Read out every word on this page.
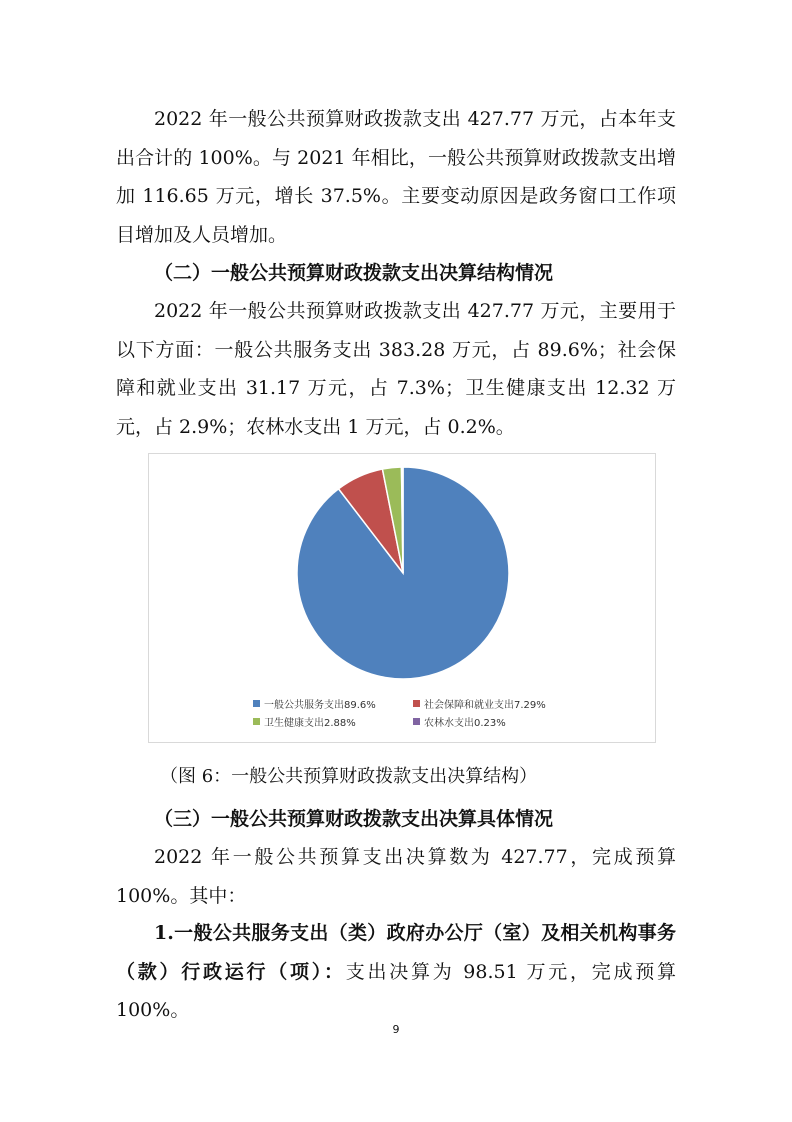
2022 年一般公共预算财政拨款支出 427.77 万元，占本年支出合计的 100%。与 2021 年相比，一般公共预算财政拨款支出增加 116.65 万元，增长 37.5%。主要变动原因是政务窗口工作项目增加及人员增加。

（二）一般公共预算财政拨款支出决算结构情况

2022 年一般公共预算财政拨款支出 427.77 万元，主要用于以下方面：一般公共服务支出 383.28 万元，占 89.6%；社会保障和就业支出 31.17 万元，占 7.3%；卫生健康支出 12.32 万元，占 2.9%；农林水支出 1 万元，占 0.2%。

一般公共服务支出89.6%	社会保障和就业支出7.29%
卫生健康支出2.88%	农林水支出0.23%

（图 6：一般公共预算财政拨款支出决算结构）

（三）一般公共预算财政拨款支出决算具体情况

2022 年一般公共预算支出决算数为 427.77，完成预算 100%。其中：

1.一般公共服务支出（类）政府办公厅（室）及相关机构事务（款）行政运行（项）：支出决算为 98.51 万元，完成预算 100%。

9
